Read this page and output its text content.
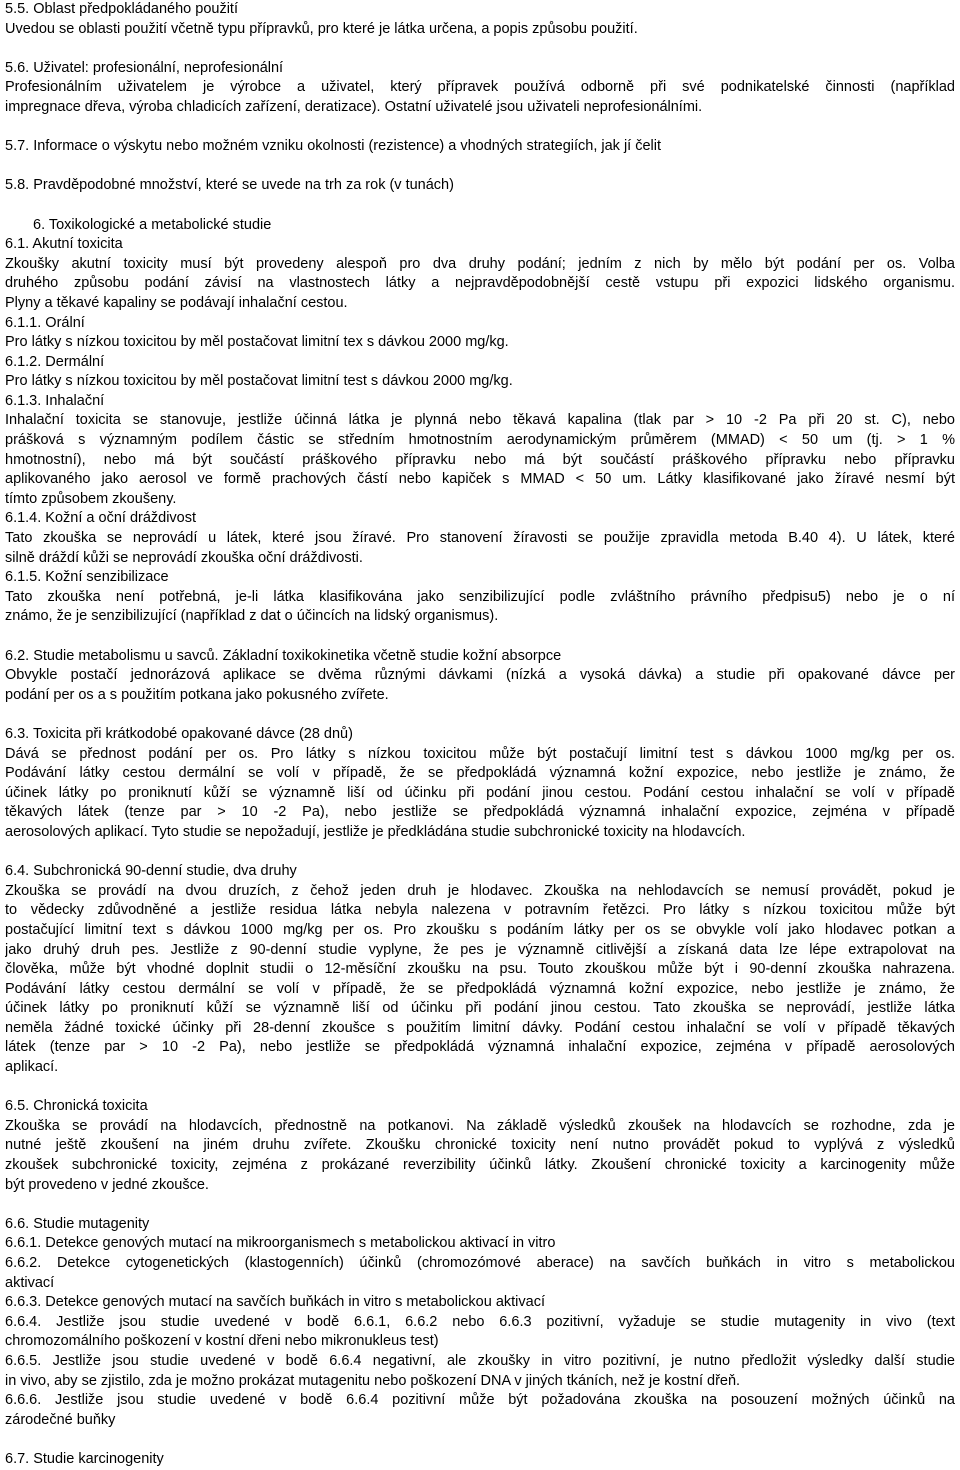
5.5. Oblast předpokládaného použití
Uvedou se oblasti použití včetně typu přípravků, pro které je látka určena, a popis způsobu použití.
5.6. Uživatel: profesionální, neprofesionální
Profesionálním uživatelem je výrobce a uživatel, který přípravek používá odborně při své podnikatelské činnosti (například
impregnace dřeva, výroba chladicích zařízení, deratizace). Ostatní uživatelé jsou uživateli neprofesionálními.
5.7. Informace o výskytu nebo možném vzniku okolnosti (rezistence) a vhodných strategiích, jak jí čelit
5.8. Pravděpodobné množství, které se uvede na trh za rok (v tunách)
6. Toxikologické a metabolické studie
6.1. Akutní toxicita
Zkoušky akutní toxicity musí být provedeny alespoň pro dva druhy podání; jedním z nich by mělo být podání per os. Volba
druhého způsobu podání závisí na vlastnostech látky a nejpravděpodobnější cestě vstupu při expozici lidského organismu.
Plyny a těkavé kapaliny se podávají inhalační cestou.
6.1.1. Orální
Pro látky s nízkou toxicitou by měl postačovat limitní tex s dávkou 2000 mg/kg.
6.1.2. Dermální
Pro látky s nízkou toxicitou by měl postačovat limitní test s dávkou 2000 mg/kg.
6.1.3. Inhalační
Inhalační toxicita se stanovuje, jestliže účinná látka je plynná nebo těkavá kapalina (tlak par > 10 -2 Pa při 20 st. C), nebo
prášková s významným podílem částic se středním hmotnostním aerodynamickým průměrem (MMAD) < 50 um (tj. > 1 %
hmotnostní), nebo má být součástí práškového přípravku nebo má být součástí práškového přípravku nebo přípravku
aplikovaného jako aerosol ve formě prachových částí nebo kapiček s MMAD < 50 um. Látky klasifikované jako žíravé nesmí být
tímto způsobem zkoušeny.
6.1.4. Kožní a oční dráždivost
Tato zkouška se neprovádí u látek, které jsou žíravé. Pro stanovení žíravosti se použije zpravidla metoda B.40 4). U látek, které
silně dráždí kůži se neprovádí zkouška oční dráždivosti.
6.1.5. Kožní senzibilizace
Tato zkouška není potřebná, je-li látka klasifikována jako senzibilizující podle zvláštního právního předpisu5) nebo je o ní
známo, že je senzibilizující (například z dat o účincích na lidský organismus).
6.2. Studie metabolismu u savců. Základní toxikokinetika včetně studie kožní absorpce
Obvykle postačí jednorázová aplikace se dvěma různými dávkami (nízká a vysoká dávka) a studie při opakované dávce per
podání per os a s použitím potkana jako pokusného zvířete.
6.3. Toxicita při krátkodobé opakované dávce (28 dnů)
Dává se přednost podání per os. Pro látky s nízkou toxicitou může být postačují limitní test s dávkou 1000 mg/kg per os.
Podávání látky cestou dermální se volí v případě, že se předpokládá významná kožní expozice, nebo jestliže je známo, že
účinek látky po proniknutí kůží se významně liší od účinku při podání jinou cestou. Podání cestou inhalační se volí v případě
těkavých látek (tenze par > 10 -2 Pa), nebo jestliže se předpokládá významná inhalační expozice, zejména v případě
aerosolových aplikací. Tyto studie se nepožadují, jestliže je předkládána studie subchronické toxicity na hlodavcích.
6.4. Subchronická 90-denní studie, dva druhy
Zkouška se provádí na dvou druzích, z čehož jeden druh je hlodavec. Zkouška na nehlodavcích se nemusí provádět, pokud je
to vědecky zdůvodněné a jestliže residua látka nebyla nalezena v potravním řetězci. Pro látky s nízkou toxicitou může být
postačující limitní text s dávkou 1000 mg/kg per os. Pro zkoušku s podáním látky per os se obvykle volí jako hlodavec potkan a
jako druhý druh pes. Jestliže z 90-denní studie vyplyne, že pes je významně citlivější a získaná data lze lépe extrapolovat na
člověka, může být vhodné doplnit studii o 12-měsíční zkoušku na psu. Touto zkouškou může být i 90-denní zkouška nahrazena.
Podávání látky cestou dermální se volí v případě, že se předpokládá významná kožní expozice, nebo jestliže je známo, že
účinek látky po proniknutí kůží se významně liší od účinku při podání jinou cestou. Tato zkouška se neprovádí, jestliže látka
neměla žádné toxické účinky při 28-denní zkoušce s použitím limitní dávky. Podání cestou inhalační se volí v případě těkavých
látek (tenze par > 10 -2 Pa), nebo jestliže se předpokládá významná inhalační expozice, zejména v případě aerosolových
aplikací.
6.5. Chronická toxicita
Zkouška se provádí na hlodavcích, přednostně na potkanovi. Na základě výsledků zkoušek na hlodavcích se rozhodne, zda je
nutné ještě zkoušení na jiném druhu zvířete. Zkoušku chronické toxicity není nutno provádět pokud to vyplývá z výsledků
zkoušek subchronické toxicity, zejména z prokázané reverzibility účinků látky. Zkoušení chronické toxicity a karcinogenity může
být provedeno v jedné zkoušce.
6.6. Studie mutagenity
6.6.1. Detekce genových mutací na mikroorganismech s metabolickou aktivací in vitro
6.6.2. Detekce cytogenetických (klastogenních) účinků (chromozómové aberace) na savčích buňkách in vitro s metabolickou
aktivací
6.6.3. Detekce genových mutací na savčích buňkách in vitro s metabolickou aktivací
6.6.4. Jestliže jsou studie uvedené v bodě 6.6.1, 6.6.2 nebo 6.6.3 pozitivní, vyžaduje se studie mutagenity in vivo (text
chromozomálního poškození v kostní dřeni nebo mikronukleus test)
6.6.5. Jestliže jsou studie uvedené v bodě 6.6.4 negativní, ale zkoušky in vitro pozitivní, je nutno předložit výsledky další studie
in vivo, aby se zjistilo, zda je možno prokázat mutagenitu nebo poškození DNA v jiných tkáních, než je kostní dřeň.
6.6.6. Jestliže jsou studie uvedené v bodě 6.6.4 pozitivní může být požadována zkouška na posouzení možných účinků na
zárodečné buňky
6.7. Studie karcinogenity
